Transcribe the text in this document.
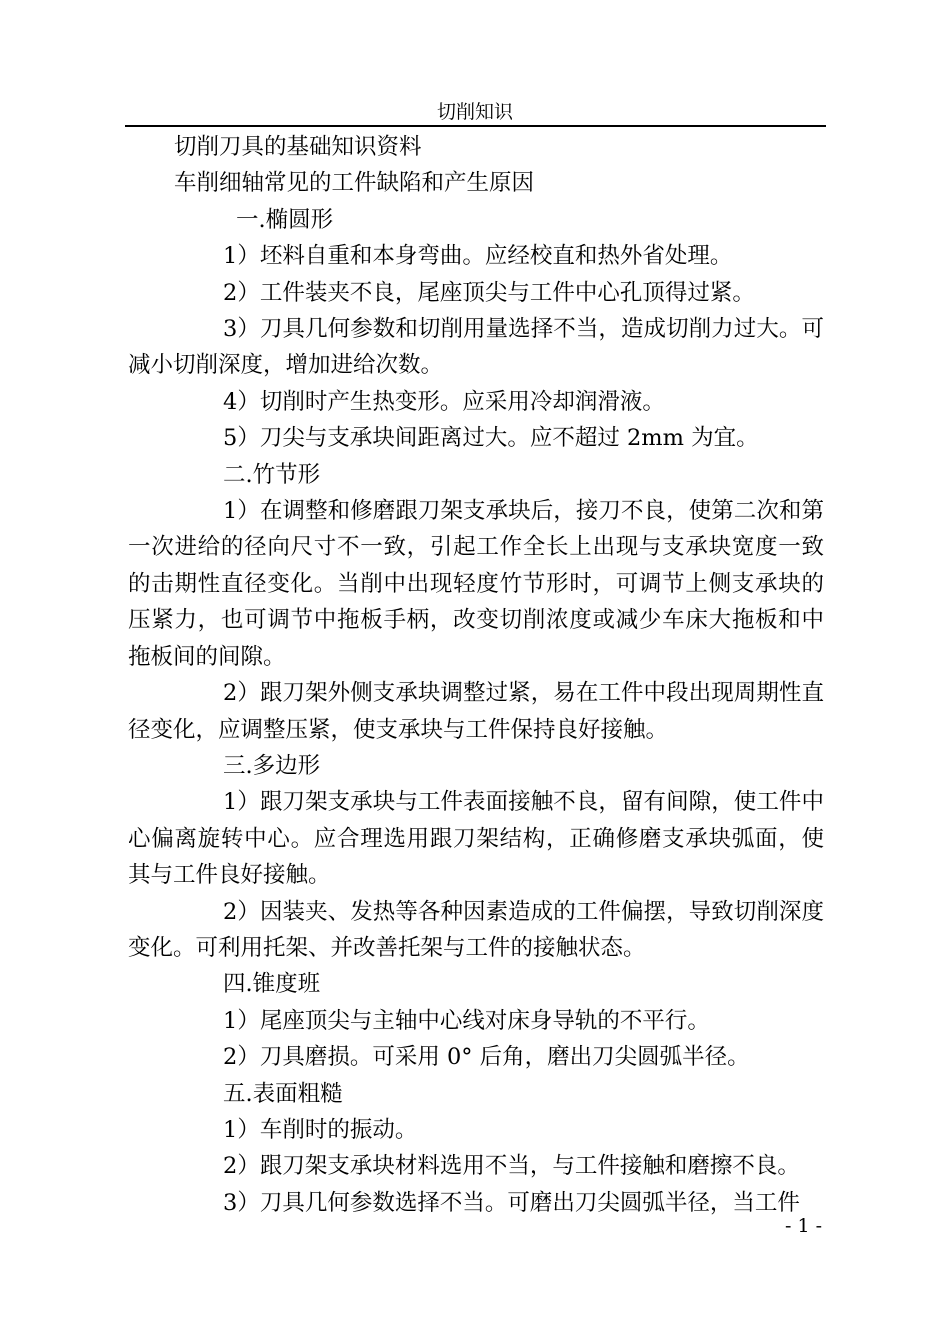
切削知识

切削刀具的基础知识资料

车削细轴常见的工件缺陷和产生原因

一.椭圆形

1）坯料自重和本身弯曲。应经校直和热外省处理。

2）工件装夹不良，尾座顶尖与工件中心孔顶得过紧。

3）刀具几何参数和切削用量选择不当，造成切削力过大。可减小切削深度，增加进给次数。

4）切削时产生热变形。应采用冷却润滑液。

5）刀尖与支承块间距离过大。应不超过 2mm 为宜。

二.竹节形

1）在调整和修磨跟刀架支承块后，接刀不良，使第二次和第一次进给的径向尺寸不一致，引起工作全长上出现与支承块宽度一致的击期性直径变化。当削中出现轻度竹节形时，可调节上侧支承块的压紧力，也可调节中拖板手柄，改变切削浓度或减少车床大拖板和中拖板间的间隙。

2）跟刀架外侧支承块调整过紧，易在工件中段出现周期性直径变化，应调整压紧，使支承块与工件保持良好接触。

三.多边形

1）跟刀架支承块与工件表面接触不良，留有间隙，使工件中心偏离旋转中心。应合理选用跟刀架结构，正确修磨支承块弧面，使其与工件良好接触。

2）因装夹、发热等各种因素造成的工件偏摆，导致切削深度变化。可利用托架、并改善托架与工件的接触状态。

四.锥度班

1）尾座顶尖与主轴中心线对床身导轨的不平行。

2）刀具磨损。可采用 0° 后角，磨出刀尖圆弧半径。

五.表面粗糙

1）车削时的振动。

2）跟刀架支承块材料选用不当，与工件接触和磨擦不良。

3）刀具几何参数选择不当。可磨出刀尖圆弧半径，当工件

- 1 -
